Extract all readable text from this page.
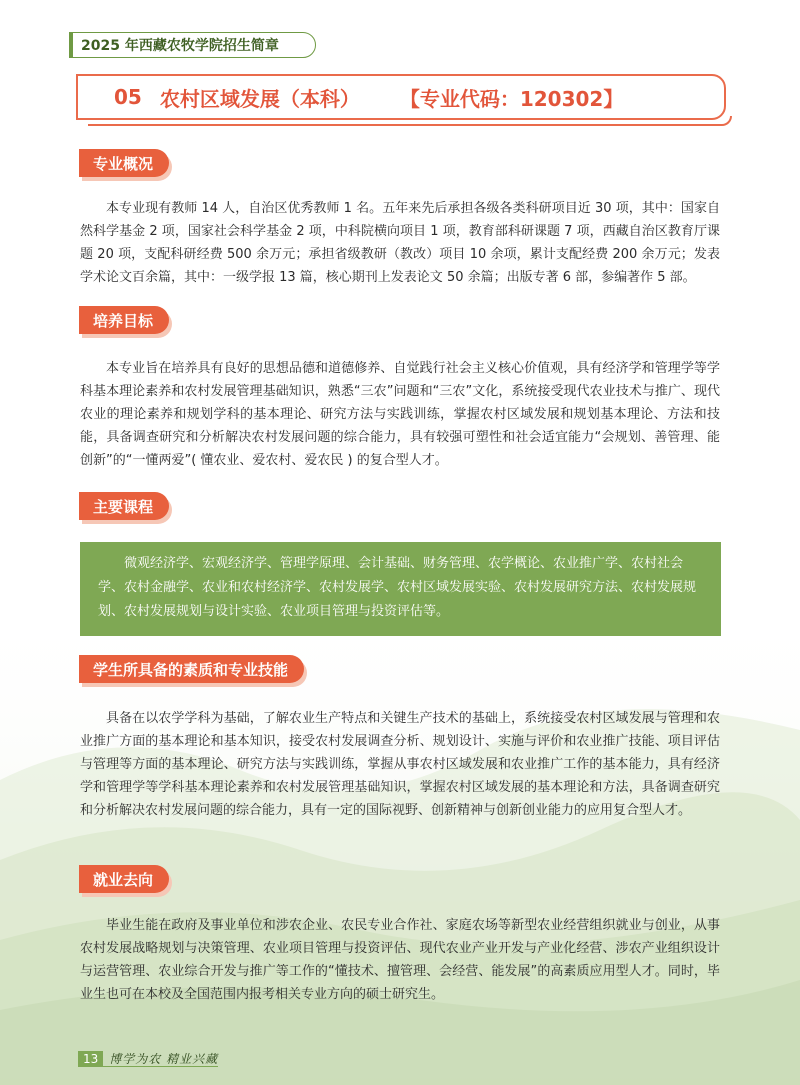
2025 年西藏农牧学院招生简章
05 农村区域发展（本科） 【专业代码：120302】
专业概况

本专业现有教师 14 人，自治区优秀教师 1 名。五年来先后承担各级各类科研项目近 30 项，其中：国家自然科学基金 2 项，国家社会科学基金 2 项，中科院横向项目 1 项，教育部科研课题 7 项，西藏自治区教育厅课题 20 项，支配科研经费 500 余万元；承担省级教研（教改）项目 10 余项，累计支配经费 200 余万元；发表学术论文百余篇，其中：一级学报 13 篇，核心期刊上发表论文 50 余篇；出版专著 6 部，参编著作 5 部。

培养目标

本专业旨在培养具有良好的思想品德和道德修养、自觉践行社会主义核心价值观，具有经济学和管理学等学科基本理论素养和农村发展管理基础知识，熟悉“三农”问题和“三农”文化，系统接受现代农业技术与推广、现代农业的理论素养和规划学科的基本理论、研究方法与实践训练，掌握农村区域发展和规划基本理论、方法和技能，具备调查研究和分析解决农村发展问题的综合能力，具有较强可塑性和社会适宜能力“会规划、善管理、能创新”的“一懂两爱”( 懂农业、爱农村、爱农民 ) 的复合型人才。

主要课程
微观经济学、宏观经济学、管理学原理、会计基础、财务管理、农学概论、农业推广学、农村社会学、农村金融学、农业和农村经济学、农村发展学、农村区域发展实验、农村发展研究方法、农村发展规划、农村发展规划与设计实验、农业项目管理与投资评估等。
学生所具备的素质和专业技能

具备在以农学学科为基础，了解农业生产特点和关键生产技术的基础上，系统接受农村区域发展与管理和农业推广方面的基本理论和基本知识，接受农村发展调查分析、规划设计、实施与评价和农业推广技能、项目评估与管理等方面的基本理论、研究方法与实践训练，掌握从事农村区域发展和农业推广工作的基本能力，具有经济学和管理学等学科基本理论素养和农村发展管理基础知识，掌握农村区域发展的基本理论和方法，具备调查研究和分析解决农村发展问题的综合能力，具有一定的国际视野、创新精神与创新创业能力的应用复合型人才。

就业去向

毕业生能在政府及事业单位和涉农企业、农民专业合作社、家庭农场等新型农业经营组织就业与创业，从事农村发展战略规划与决策管理、农业项目管理与投资评估、现代农业产业开发与产业化经营、涉农产业组织设计与运营管理、农业综合开发与推广等工作的“懂技术、擅管理、会经营、能发展”的高素质应用型人才。同时，毕业生也可在本校及全国范围内报考相关专业方向的硕士研究生。

13 博学为农 精业兴藏
